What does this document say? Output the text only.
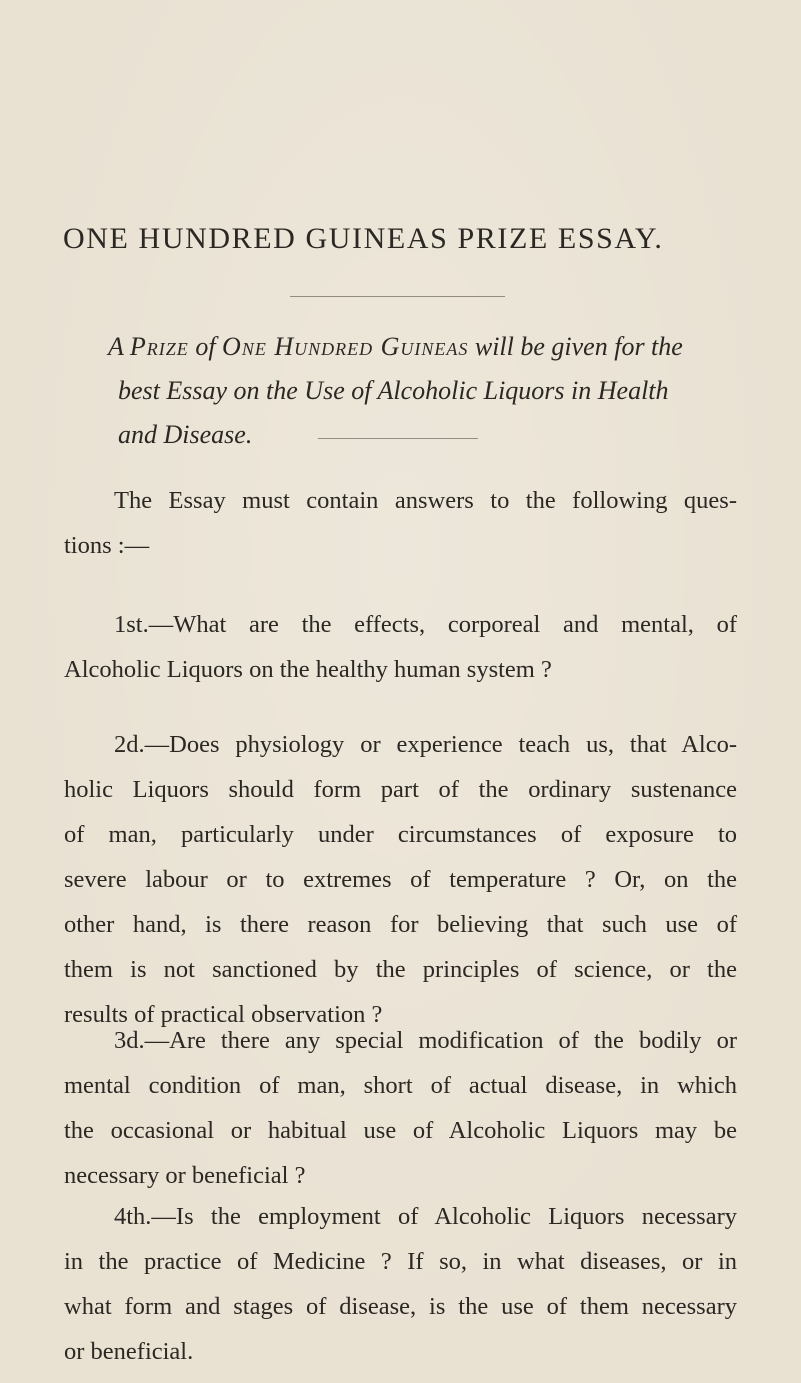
ONE HUNDRED GUINEAS PRIZE ESSAY.
A Prize of One Hundred Guineas will be given for the
best Essay on the Use of Alcoholic Liquors in Health
and Disease.
The Essay must contain answers to the following ques-
tions :—
1st.—What are the effects, corporeal and mental, of
Alcoholic Liquors on the healthy human system ?
2d.—Does physiology or experience teach us, that Alco-
holic Liquors should form part of the ordinary sustenance
of man, particularly under circumstances of exposure to
severe labour or to extremes of temperature ? Or, on the
other hand, is there reason for believing that such use of
them is not sanctioned by the principles of science, or the
results of practical observation ?
3d.—Are there any special modification of the bodily or
mental condition of man, short of actual disease, in which
the occasional or habitual use of Alcoholic Liquors may be
necessary or beneficial ?
4th.—Is the employment of Alcoholic Liquors necessary
in the practice of Medicine ? If so, in what diseases, or in
what form and stages of disease, is the use of them necessary
or beneficial.
